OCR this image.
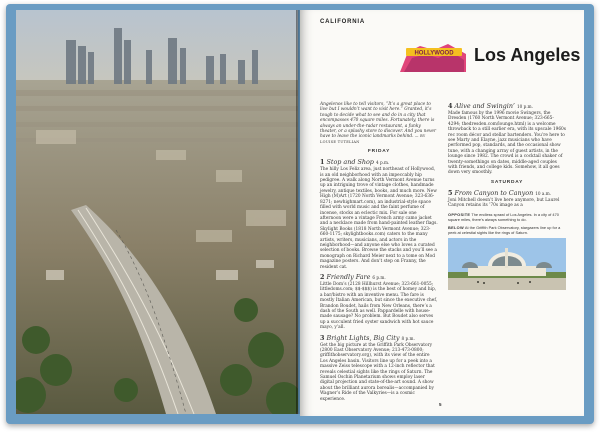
CALIFORNIA
HOLLYWOOD Los Angeles

Angelenos like to tell visitors, “It’s a great place to live but I wouldn’t want to visit here.” Granted, it’s tough to decide what to see and do in a city that encompasses 470 square miles. Fortunately, there is always an under-the-radar restaurant, a funky theater, or a splashy store to discover. And you never have to leave the iconic landmarks behind. — BY LOUISE TUTELIAN

FRIDAY
1 Stop and Shop 4 p.m.

The hilly Los Feliz area, just northeast of Hollywood, is an old neighborhood with an impeccably hip pedigree. A walk along North Vermont Avenue turns up an intriguing trove of vintage clothes, handmade jewelry, antique textiles, books, and much more. New High (M)Art (1720 North Vermont Avenue; 323-636-8271; newhighmart.com), an industrial-style space filled with world music and the faint perfume of incense, stocks an eclectic mix. For sale one afternoon were a vintage French army camo jacket and a necklace made from hand-painted leather flags. Skylight Books (1818 North Vermont Avenue; 323-660-1175; skylightbooks.com) caters to the many artists, writers, musicians, and actors in the neighborhood—and anyone else who loves a curated selection of books. Browse the stacks and you’ll see a monograph on Richard Meier next to a tome on Mod magazine posters. And don’t step on Franny, the resident cat.

2 Friendly Fare 6 p.m.

Little Dom’s (2128 Hillhurst Avenue; 323-661-0055; littledoms.com; $$-$$$) is the best of homey and hip, a bar/bistro with an inventive menu. The fare is mostly Italian American, but since the executive chef, Brandon Boudet, hails from New Orleans, there’s a dash of the South as well. Pappardelle with house-made sausage? No problem. But Boudet also serves up a succulent fried oyster sandwich with hot sauce mayo, y’all.

3 Bright Lights, Big City 8 p.m.

Get the big picture at the Griffith Park Observatory (2800 East Observatory Avenue; 213-473-0800; griffithobservatory.org), with its view of the entire Los Angeles basin. Visitors line up for a peek into a massive Zeiss telescope with a 12-inch reflector that reveals celestial sights like the rings of Saturn. The Samuel Oschin Planetarium shows employ laser digital projection and state-of-the-art sound. A show about the brilliant aurora borealis—accompanied by Wagner’s Ride of the Valkyries—is a cosmic experience.

4 Alive and Swingin’ 10 p.m.

Made famous by the 1996 movie Swingers, the Dresden (1760 North Vermont Avenue; 323-665-4294; thedresden.com/lounge.html) is a welcome throwback to a still earlier era, with its upscale 1960s rec room décor and stellar bartenders. You’re here to see Marty and Elayne, jazz musicians who have performed pop, standards, and the occasional show tune, with a changing array of guest artists, in the lounge since 1982. The crowd is a cocktail shaker of twenty-somethings on dates, middle-aged couples with friends, and college kids. Somehow, it all goes down very smoothly.

SATURDAY
5 From Canyon to Canyon 10 a.m.

Joni Mitchell doesn’t live here anymore, but Laurel Canyon retains its ’70s image as a

OPPOSITE The endless sprawl of Los Angeles. In a city of 470 square miles, there’s always something to do.
BELOW At the Griffith Park Observatory, stargazers line up for a peek at celestial sights like the rings of Saturn.
5
